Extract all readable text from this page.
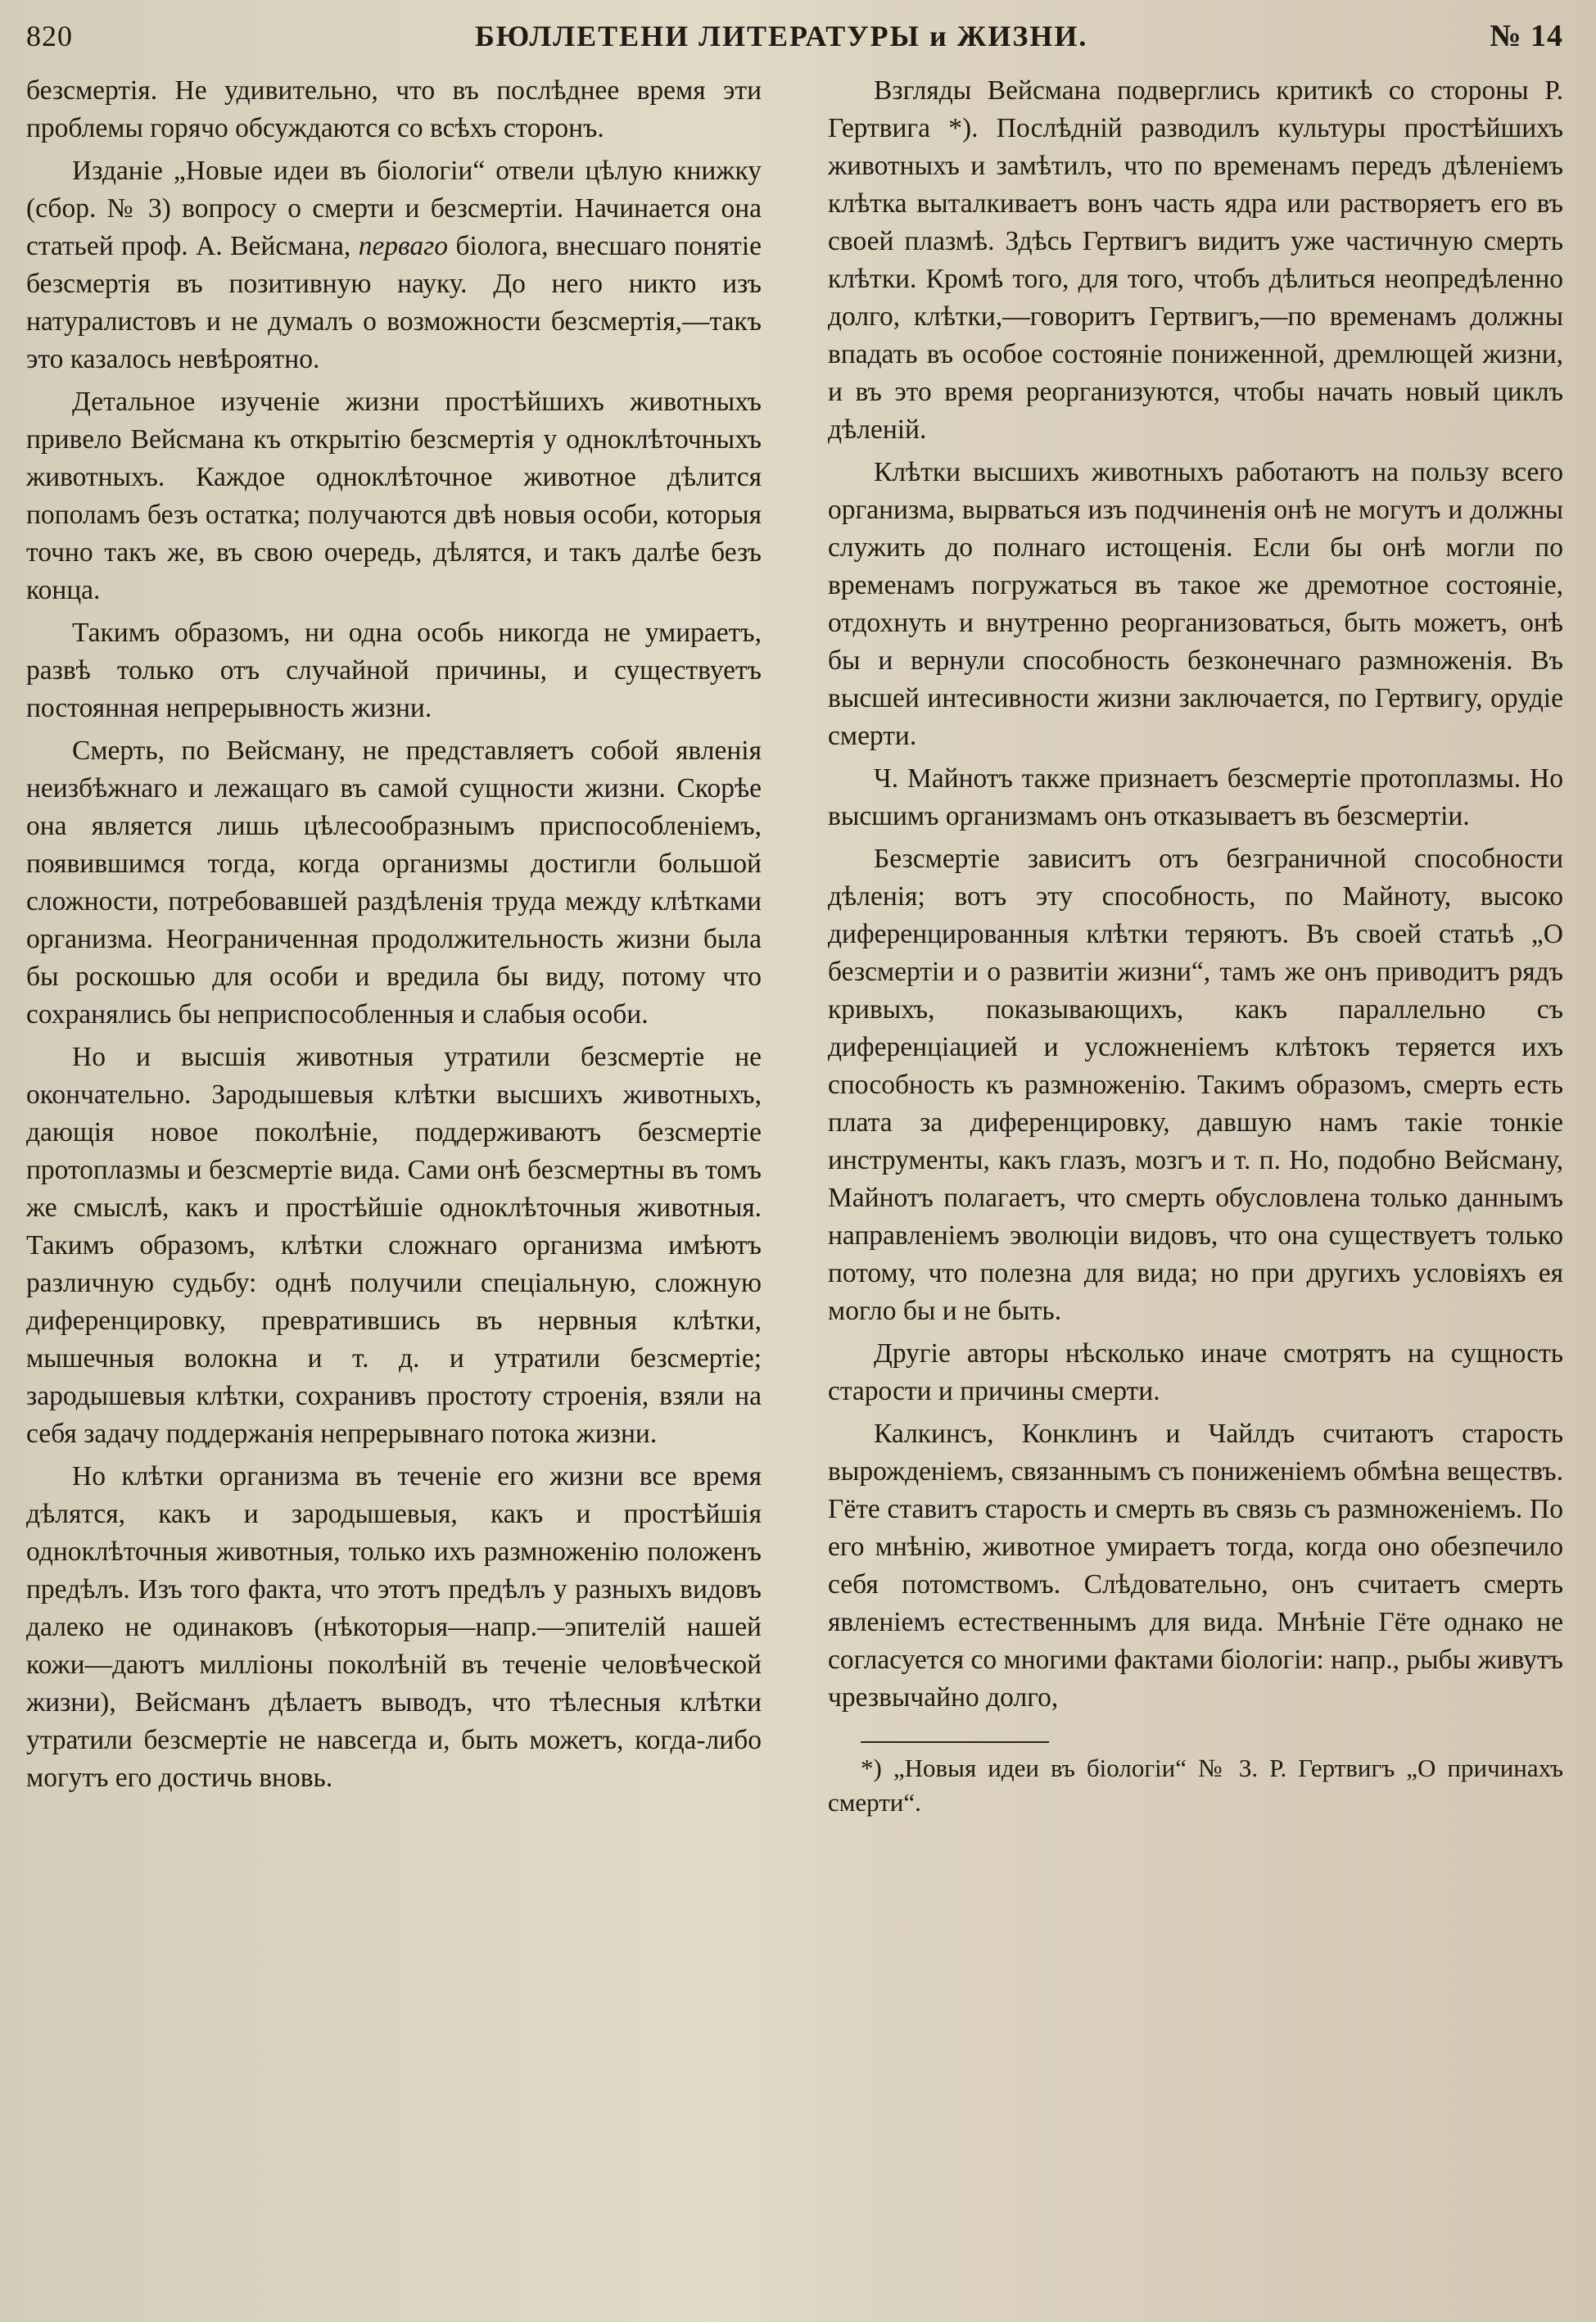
820	БЮЛЛЕТЕНИ ЛИТЕРАТУРЫ и ЖИЗНИ.	№ 14

безсмертія. Не удивительно, что въ послѣднее время эти проблемы горячо обсуждаются со всѣхъ сторонъ.

Изданіе „Новые идеи въ біологіи“ отвели цѣлую книжку (сбор. № 3) вопросу о смерти и безсмертіи. Начинается она статьей проф. А. Вейсмана, перваго біолога, внесшаго понятіе безсмертія въ позитивную науку. До него никто изъ натуралистовъ и не думалъ о возможности безсмертія,—такъ это казалось невѣроятно.

Детальное изученіе жизни простѣйшихъ животныхъ привело Вейсмана къ открытію безсмертія у одноклѣточныхъ животныхъ. Каждое одноклѣточное животное дѣлится пополамъ безъ остатка; получаются двѣ новыя особи, которыя точно такъ же, въ свою очередь, дѣлятся, и такъ далѣе безъ конца.

Такимъ образомъ, ни одна особь никогда не умираетъ, развѣ только отъ случайной причины, и существуетъ постоянная непрерывность жизни.

Смерть, по Вейсману, не представляетъ собой явленія неизбѣжнаго и лежащаго въ самой сущности жизни. Скорѣе она является лишь цѣлесообразнымъ приспособленіемъ, появившимся тогда, когда организмы достигли большой сложности, потребовавшей раздѣленія труда между клѣтками организма. Неограниченная продолжительность жизни была бы роскошью для особи и вредила бы виду, потому что сохранялись бы неприспособленныя и слабыя особи.

Но и высшія животныя утратили безсмертіе не окончательно. Зародышевыя клѣтки высшихъ животныхъ, дающія новое поколѣніе, поддерживаютъ безсмертіе протоплазмы и безсмертіе вида. Сами онѣ безсмертны въ томъ же смыслѣ, какъ и простѣйшіе одноклѣточныя животныя. Такимъ образомъ, клѣтки сложнаго организма имѣютъ различную судьбу: однѣ получили спеціальную, сложную диференцировку, превратившись въ нервныя клѣтки, мышечныя волокна и т. д. и утратили безсмертіе; зародышевыя клѣтки, сохранивъ простоту строенія, взяли на себя задачу поддержанія непрерывнаго потока жизни.

Но клѣтки организма въ теченіе его жизни все время дѣлятся, какъ и зародышевыя, какъ и простѣйшія одноклѣточныя животныя, только ихъ размноженію положенъ предѣлъ. Изъ того факта, что этотъ предѣлъ у разныхъ видовъ далеко не одинаковъ (нѣкоторыя—напр.—эпителій нашей кожи—даютъ милліоны поколѣній въ теченіе человѣческой жизни), Вейсманъ дѣлаетъ выводъ, что тѣлесныя клѣтки утратили безсмертіе не навсегда и, быть можетъ, когда-либо могутъ его достичь вновь.

Взгляды Вейсмана подверглись критикѣ со стороны Р. Гертвига *). Послѣдній разводилъ культуры простѣйшихъ животныхъ и замѣтилъ, что по временамъ передъ дѣленіемъ клѣтка выталкиваетъ вонъ часть ядра или растворяетъ его въ своей плазмѣ. Здѣсь Гертвигъ видитъ уже частичную смерть клѣтки. Кромѣ того, для того, чтобъ дѣлиться неопредѣленно долго, клѣтки,—говоритъ Гертвигъ,—по временамъ должны впадать въ особое состояніе пониженной, дремлющей жизни, и въ это время реорганизуются, чтобы начать новый циклъ дѣленій.

Клѣтки высшихъ животныхъ работаютъ на пользу всего организма, вырваться изъ подчиненія онѣ не могутъ и должны служить до полнаго истощенія. Если бы онѣ могли по временамъ погружаться въ такое же дремотное состояніе, отдохнуть и внутренно реорганизоваться, быть можетъ, онѣ бы и вернули способность безконечнаго размноженія. Въ высшей интесивности жизни заключается, по Гертвигу, орудіе смерти.

Ч. Майнотъ также признаетъ безсмертіе протоплазмы. Но высшимъ организмамъ онъ отказываетъ въ безсмертіи.

Безсмертіе зависитъ отъ безграничной способности дѣленія; вотъ эту способность, по Майноту, высоко диференцированныя клѣтки теряютъ. Въ своей статьѣ „О безсмертіи и о развитіи жизни“, тамъ же онъ приводитъ рядъ кривыхъ, показывающихъ, какъ параллельно съ диференціацией и усложненіемъ клѣтокъ теряется ихъ способность къ размноженію. Такимъ образомъ, смерть есть плата за диференцировку, давшую намъ такіе тонкіе инструменты, какъ глазъ, мозгъ и т. п. Но, подобно Вейсману, Майнотъ полагаетъ, что смерть обусловлена только даннымъ направленіемъ эволюціи видовъ, что она существуетъ только потому, что полезна для вида; но при другихъ условіяхъ ея могло бы и не быть.

Другіе авторы нѣсколько иначе смотрятъ на сущность старости и причины смерти.

Калкинсъ, Конклинъ и Чайлдъ считаютъ старость вырожденіемъ, связаннымъ съ пониженіемъ обмѣна веществъ. Гёте ставитъ старость и смерть въ связь съ размноженіемъ. По его мнѣнію, животное умираетъ тогда, когда оно обезпечило себя потомствомъ. Слѣдовательно, онъ считаетъ смерть явленіемъ естественнымъ для вида. Мнѣніе Гёте однако не согласуется со многими фактами біологіи: напр., рыбы живутъ чрезвычайно долго,

*) „Новыя идеи въ біологіи“ № 3. Р. Гертвигъ „О причинахъ смерти“.
